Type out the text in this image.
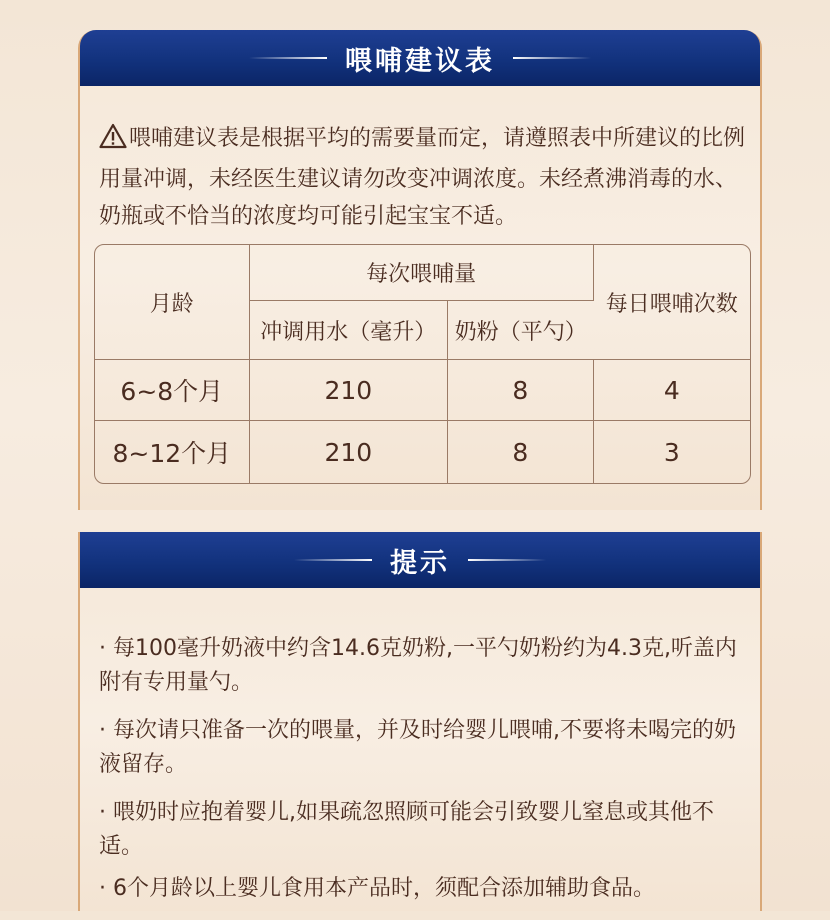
喂哺建议表
喂哺建议表是根据平均的需要量而定，请遵照表中所建议的比例用量冲调，未经医生建议请勿改变冲调浓度。未经煮沸消毒的水、奶瓶或不恰当的浓度均可能引起宝宝不适。
月龄	每次喂哺量		每日喂哺次数
	冲调用水（毫升）	奶粉（平勺）	
6~8个月	210	8	4
8~12个月	210	8	3
提示

· 每100毫升奶液中约含14.6克奶粉,一平勺奶粉约为4.3克,听盖内附有专用量勺。

· 每次请只准备一次的喂量，并及时给婴儿喂哺,不要将未喝完的奶液留存。

· 喂奶时应抱着婴儿,如果疏忽照顾可能会引致婴儿窒息或其他不适。

· 6个月龄以上婴儿食用本产品时，须配合添加辅助食品。
